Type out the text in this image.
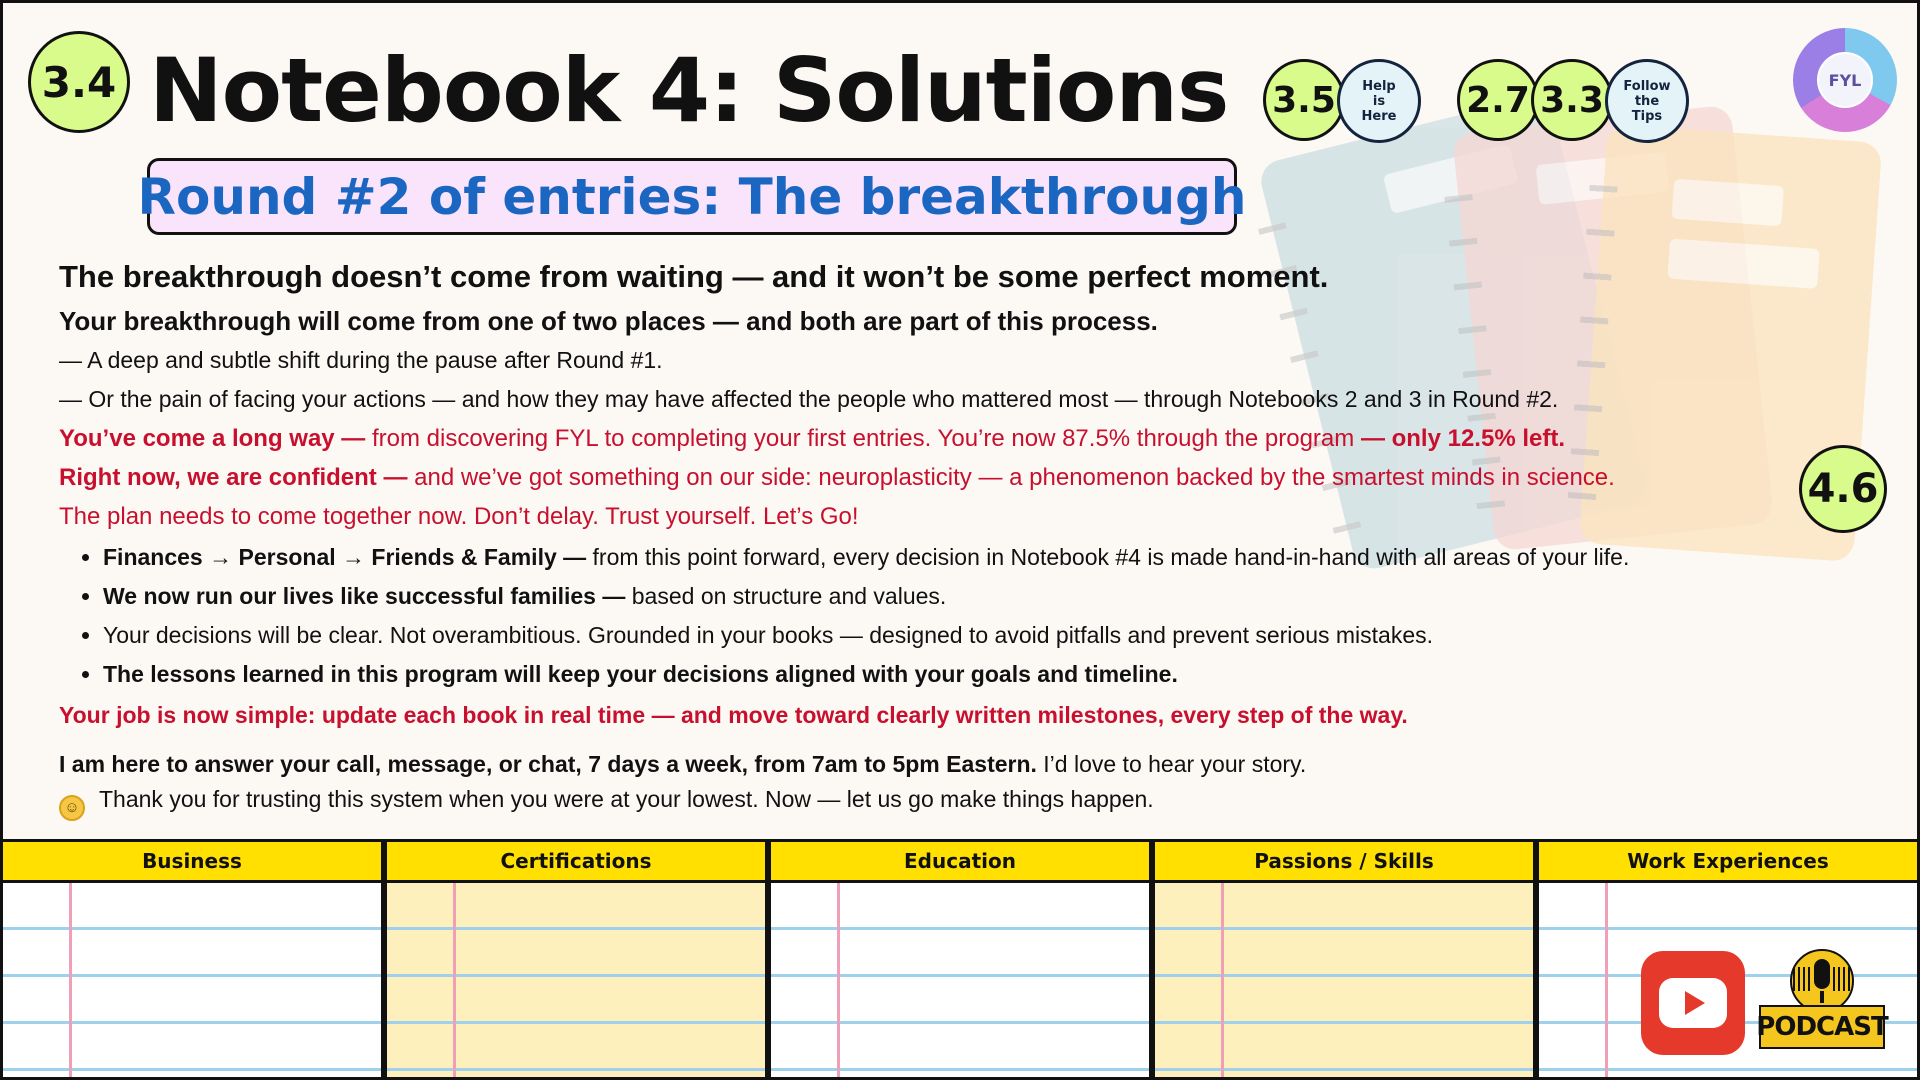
3.4	3.5	Help
is
Here	2.7 3.3	Follow
the
Tips
4.6
FYL
Notebook 4: Solutions
Round #2 of entries: The breakthrough
The breakthrough doesn’t come from waiting — and it won’t be some perfect moment.
Your breakthrough will come from one of two places — and both are part of this process.
— A deep and subtle shift during the pause after Round #1.
— Or the pain of facing your actions — and how they may have affected the people who mattered most — through Notebooks 2 and 3 in Round #2.
You’ve come a long way — from discovering FYL to completing your first entries. You’re now 87.5% through the program — only 12.5% left.
Right now, we are confident — and we’ve got something on our side: neuroplasticity — a phenomenon backed by the smartest minds in science.
The plan needs to come together now. Don’t delay. Trust yourself. Let’s Go!
• Finances → Personal → Friends & Family — from this point forward, every decision in Notebook #4 is made hand-in-hand with all areas of your life.
• We now run our lives like successful families — based on structure and values.
• Your decisions will be clear. Not overambitious. Grounded in your books — designed to avoid pitfalls and prevent serious mistakes.
• The lessons learned in this program will keep your decisions aligned with your goals and timeline.
Your job is now simple: update each book in real time — and move toward clearly written milestones, every step of the way.
I am here to answer your call, message, or chat, 7 days a week, from 7am to 5pm Eastern. I’d love to hear your story.
☺ Thank you for trusting this system when you were at your lowest. Now — let us go make things happen.
Business	Certifications	Education	Passions / Skills	Work Experiences
PODCAST
